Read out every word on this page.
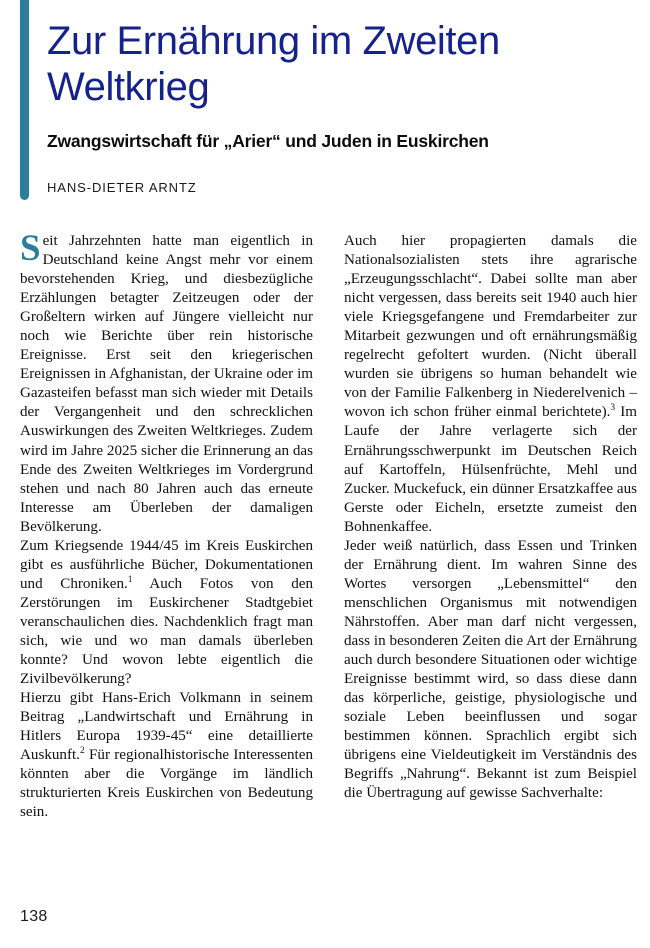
Zur Ernährung im Zweiten Weltkrieg
Zwangswirtschaft für „Arier“ und Juden in Euskirchen
HANS-DIETER ARNTZ

Seit Jahrzehnten hatte man eigentlich in Deutschland keine Angst mehr vor einem bevorstehenden Krieg, und diesbezügliche Erzählungen betagter Zeitzeugen oder der Großeltern wirken auf Jüngere vielleicht nur noch wie Berichte über rein historische Ereignisse. Erst seit den kriegerischen Ereignissen in Afghanistan, der Ukraine oder im Gazasteifen befasst man sich wieder mit Details der Vergangenheit und den schrecklichen Auswirkungen des Zweiten Weltkrieges. Zudem wird im Jahre 2025 sicher die Erinnerung an das Ende des Zweiten Weltkrieges im Vordergrund stehen und nach 80 Jahren auch das erneute Interesse am Überleben der damaligen Bevölkerung.

Zum Kriegsende 1944/45 im Kreis Euskirchen gibt es ausführliche Bücher, Dokumentationen und Chroniken.$^1$ Auch Fotos von den Zerstörungen im Euskirchener Stadtgebiet veranschaulichen dies. Nachdenklich fragt man sich, wie und wo man damals überleben konnte? Und wovon lebte eigentlich die Zivilbevölkerung?

Hierzu gibt Hans-Erich Volkmann in seinem Beitrag „Landwirtschaft und Ernährung in Hitlers Europa 1939-45“ eine detaillierte Auskunft.$^2$ Für regionalhistorische Interessenten könnten aber die Vorgänge im ländlich strukturierten Kreis Euskirchen von Bedeutung sein.

Auch hier propagierten damals die Nationalsozialisten stets ihre agrarische „Erzeugungsschlacht“. Dabei sollte man aber nicht vergessen, dass bereits seit 1940 auch hier viele Kriegsgefangene und Fremdarbeiter zur Mitarbeit gezwungen und oft ernährungsmäßig regelrecht gefoltert wurden. (Nicht überall wurden sie übrigens so human behandelt wie von der Familie Falkenberg in Niederelvenich – wovon ich schon früher einmal berichtete).$^3$ Im Laufe der Jahre verlagerte sich der Ernährungsschwerpunkt im Deutschen Reich auf Kartoffeln, Hülsenfrüchte, Mehl und Zucker. Muckefuck, ein dünner Ersatzkaffee aus Gerste oder Eicheln, ersetzte zumeist den Bohnenkaffee.

Jeder weiß natürlich, dass Essen und Trinken der Ernährung dient. Im wahren Sinne des Wortes versorgen „Lebensmittel“ den menschlichen Organismus mit notwendigen Nährstoffen. Aber man darf nicht vergessen, dass in besonderen Zeiten die Art der Ernährung auch durch besondere Situationen oder wichtige Ereignisse bestimmt wird, so dass diese dann das körperliche, geistige, physiologische und soziale Leben beeinflussen und sogar bestimmen können. Sprachlich ergibt sich übrigens eine Vieldeutigkeit im Verständnis des Begriffs „Nahrung“. Bekannt ist zum Beispiel die Übertragung auf gewisse Sachverhalte:

138
